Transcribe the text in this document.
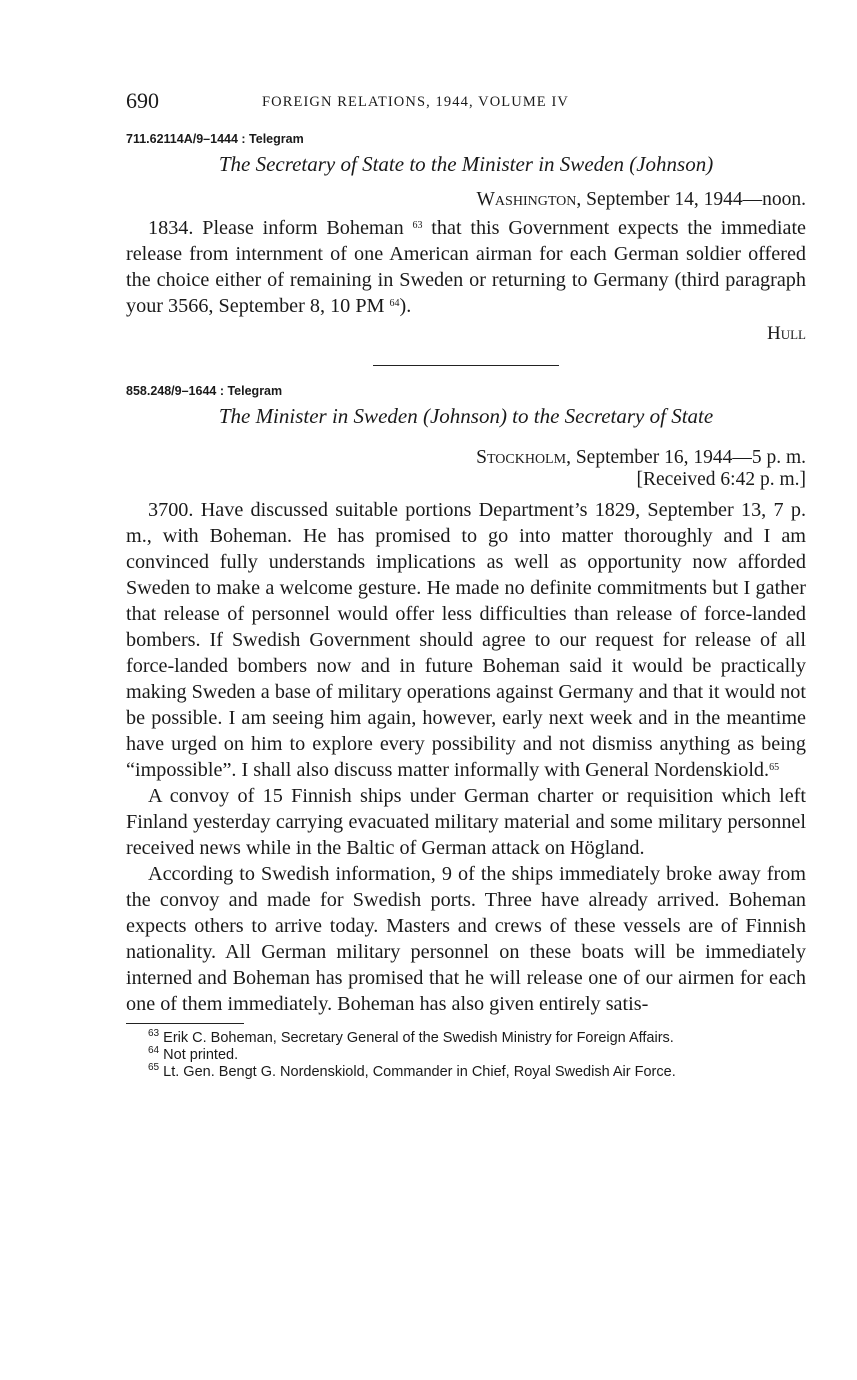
690	FOREIGN RELATIONS, 1944, VOLUME IV
711.62114A/9–1444 : Telegram
The Secretary of State to the Minister in Sweden (Johnson)
Washington, September 14, 1944—noon.

1834. Please inform Boheman $^{63}$ that this Government expects the immediate release from internment of one American airman for each German soldier offered the choice either of remaining in Sweden or returning to Germany (third paragraph your 3566, September 8, 10 PM $^{64}$).

Hull
858.248/9–1644 : Telegram
The Minister in Sweden (Johnson) to the Secretary of State
Stockholm, September 16, 1944—5 p. m.
[Received 6:42 p. m.]

3700. Have discussed suitable portions Department’s 1829, September 13, 7 p. m., with Boheman. He has promised to go into matter thoroughly and I am convinced fully understands implications as well as opportunity now afforded Sweden to make a welcome gesture. He made no definite commitments but I gather that release of personnel would offer less difficulties than release of force-landed bombers. If Swedish Government should agree to our request for release of all force-landed bombers now and in future Boheman said it would be practically making Sweden a base of military operations against Germany and that it would not be possible. I am seeing him again, however, early next week and in the meantime have urged on him to explore every possibility and not dismiss anything as being “impossible”. I shall also discuss matter informally with General Nordenskiold.$^{65}$

A convoy of 15 Finnish ships under German charter or requisition which left Finland yesterday carrying evacuated military material and some military personnel received news while in the Baltic of German attack on Högland.

According to Swedish information, 9 of the ships immediately broke away from the convoy and made for Swedish ports. Three have already arrived. Boheman expects others to arrive today. Masters and crews of these vessels are of Finnish nationality. All German military personnel on these boats will be immediately interned and Boheman has promised that he will release one of our airmen for each one of them immediately. Boheman has also given entirely satis-

$^{63}$ Erik C. Boheman, Secretary General of the Swedish Ministry for Foreign Affairs.

$^{64}$ Not printed.

$^{65}$ Lt. Gen. Bengt G. Nordenskiold, Commander in Chief, Royal Swedish Air Force.
